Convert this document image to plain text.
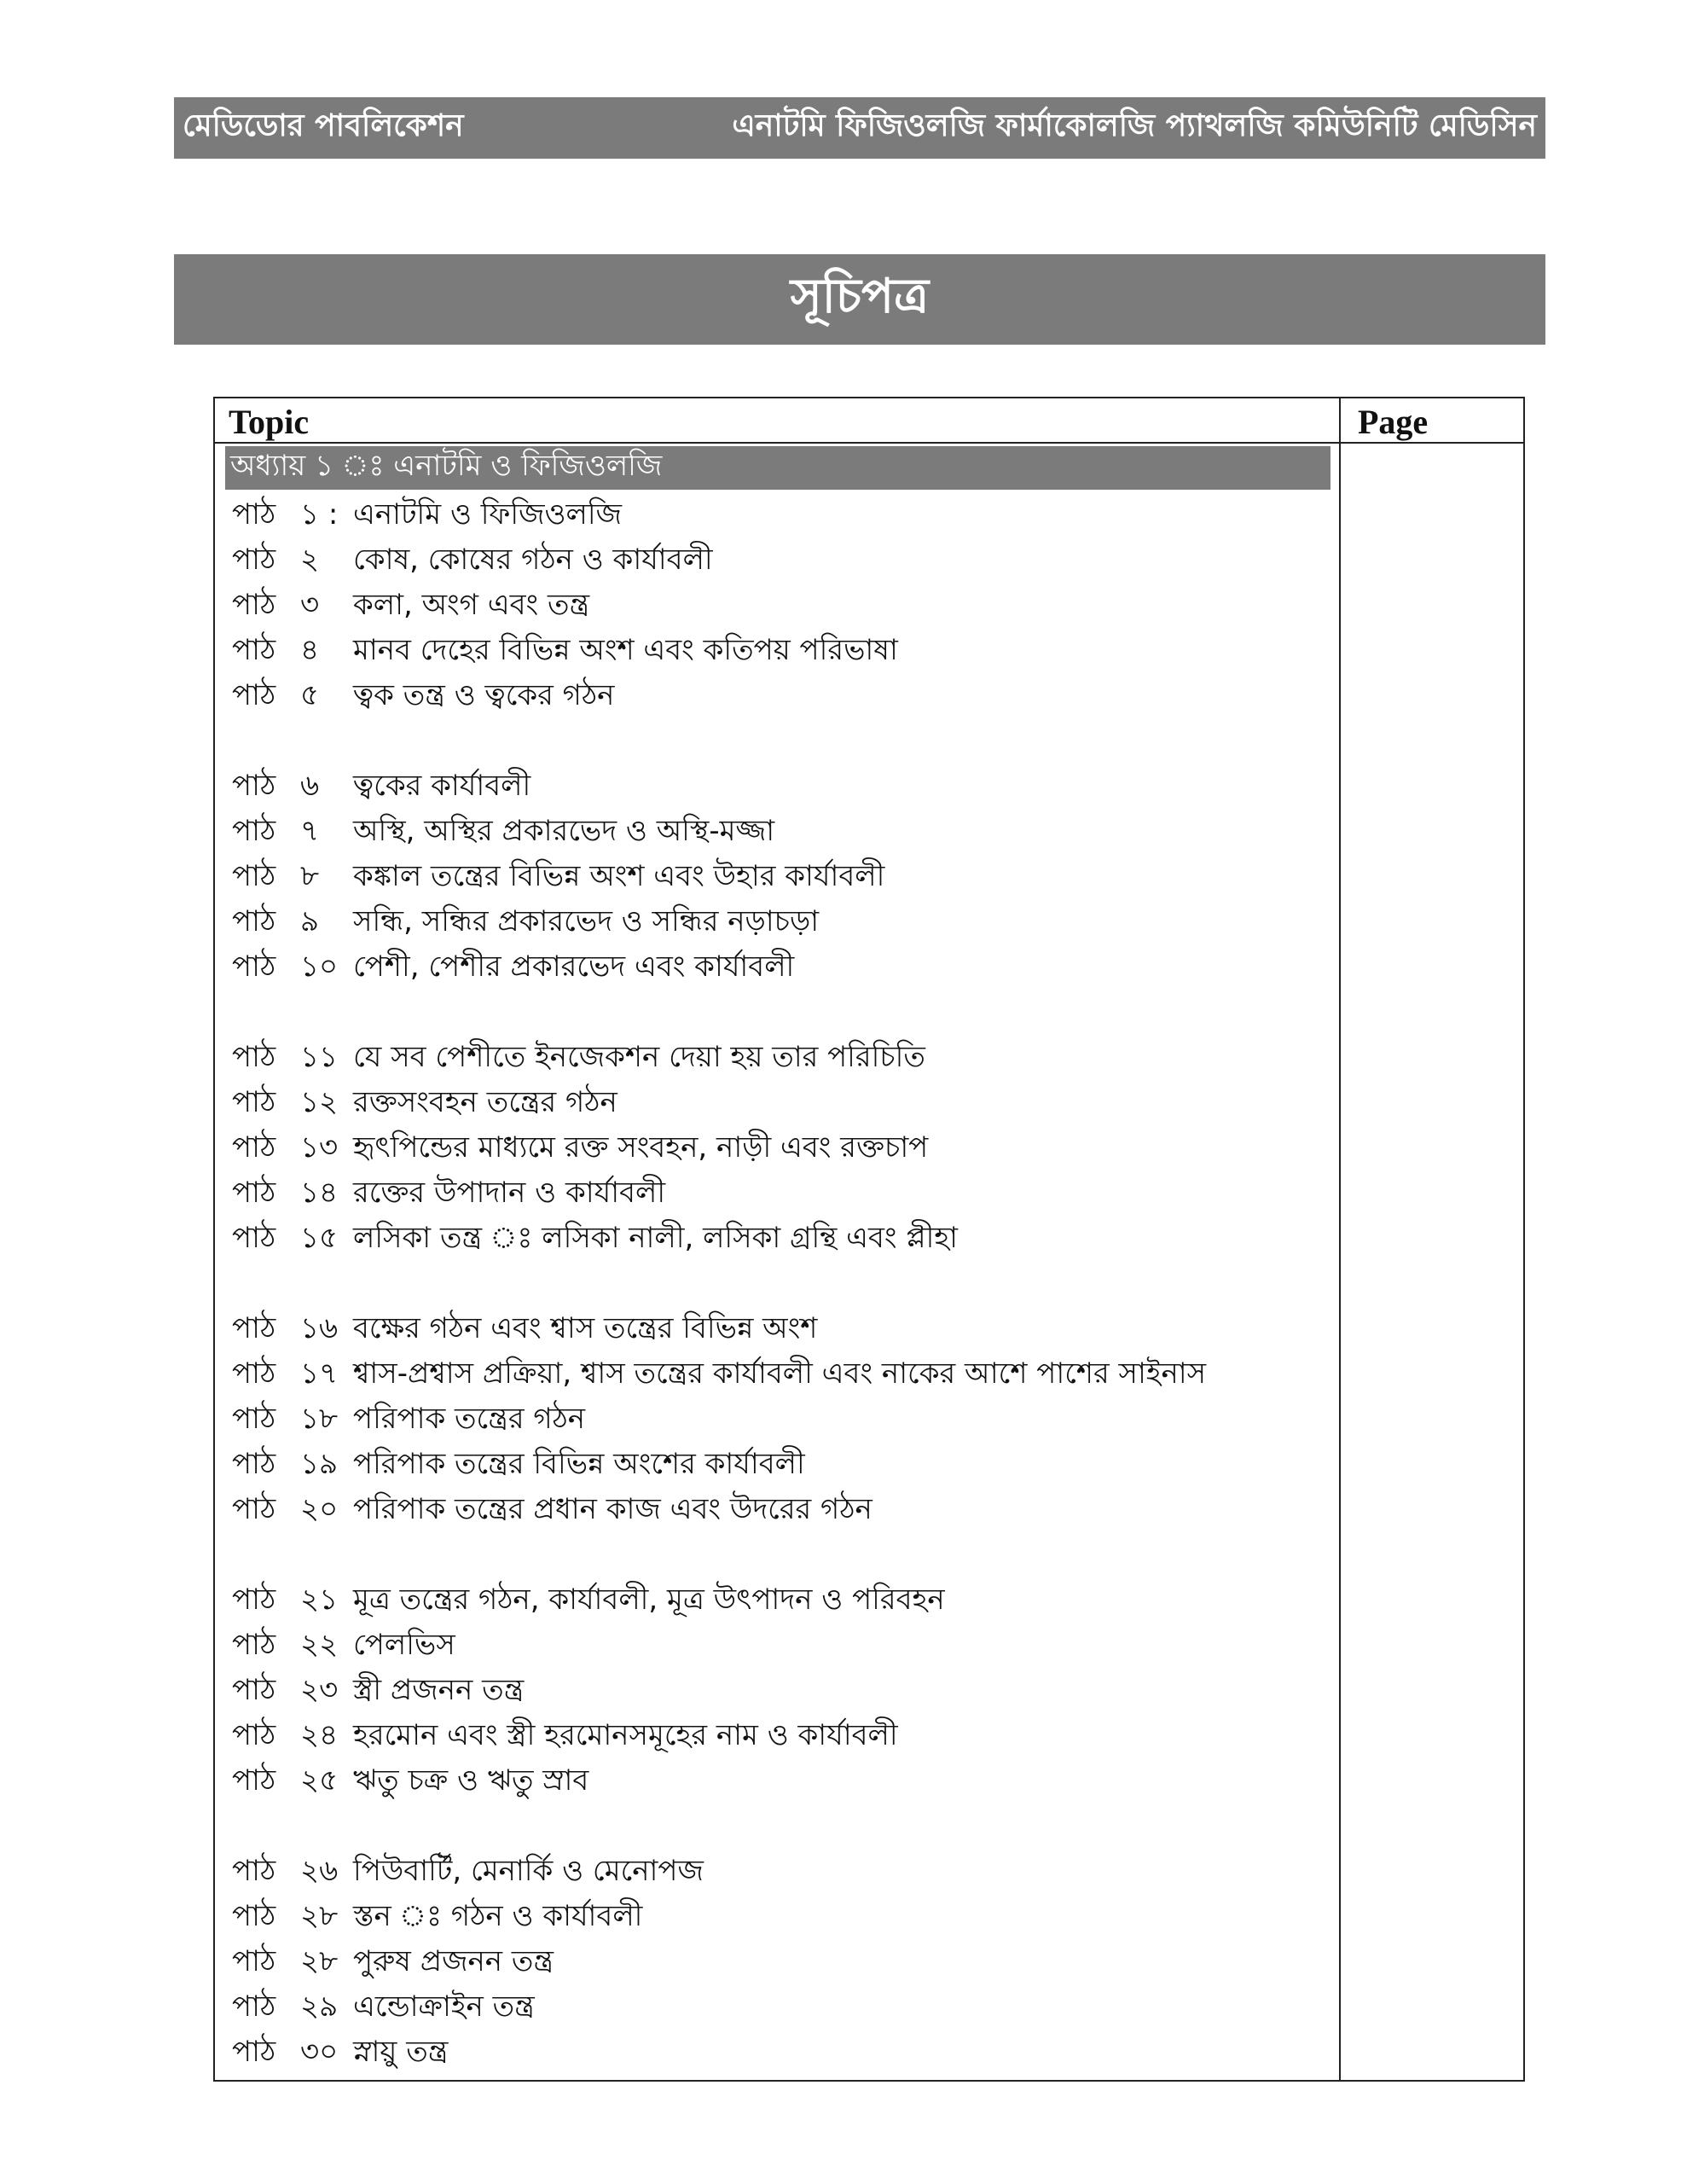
মেডিডোর পাবলিকেশন	এনাটমি ফিজিওলজি ফার্মাকোলজি প্যাথলজি কমিউনিটি মেডিসিন
সূচিপত্র
Topic	Page
অধ্যায় ১ ঃ এনাটমি ও ফিজিওলজি
পাঠ ১ : এনাটমি ও ফিজিওলজি
পাঠ ২	কোষ, কোষের গঠন ও কার্যাবলী
পাঠ ৩	কলা, অংগ এবং তন্ত্র
পাঠ ৪	মানব দেহের বিভিন্ন অংশ এবং কতিপয় পরিভাষা
পাঠ ৫	ত্বক তন্ত্র ও ত্বকের গঠন
পাঠ ৬	ত্বকের কার্যাবলী
পাঠ ৭	অস্থি, অস্থির প্রকারভেদ ও অস্থি-মজ্জা
পাঠ ৮	কঙ্কাল তন্ত্রের বিভিন্ন অংশ এবং উহার কার্যাবলী
পাঠ ৯	সন্ধি, সন্ধির প্রকারভেদ ও সন্ধির নড়াচড়া
পাঠ ১০ পেশী, পেশীর প্রকারভেদ এবং কার্যাবলী
পাঠ ১১ যে সব পেশীতে ইনজেকশন দেয়া হয় তার পরিচিতি
পাঠ ১২ রক্তসংবহন তন্ত্রের গঠন
পাঠ ১৩ হৃৎপিন্ডের মাধ্যমে রক্ত সংবহন, নাড়ী এবং রক্তচাপ
পাঠ ১৪ রক্তের উপাদান ও কার্যাবলী
পাঠ ১৫ লসিকা তন্ত্র ঃ লসিকা নালী, লসিকা গ্রন্থি এবং প্লীহা
পাঠ ১৬ বক্ষের গঠন এবং শ্বাস তন্ত্রের বিভিন্ন অংশ
পাঠ ১৭ শ্বাস-প্রশ্বাস প্রক্রিয়া, শ্বাস তন্ত্রের কার্যাবলী এবং নাকের আশে পাশের সাইনাস
পাঠ ১৮ পরিপাক তন্ত্রের গঠন
পাঠ ১৯ পরিপাক তন্ত্রের বিভিন্ন অংশের কার্যাবলী
পাঠ ২০ পরিপাক তন্ত্রের প্রধান কাজ এবং উদরের গঠন
পাঠ ২১ মূত্র তন্ত্রের গঠন, কার্যাবলী, মূত্র উৎপাদন ও পরিবহন
পাঠ ২২ পেলভিস
পাঠ ২৩ স্ত্রী প্রজনন তন্ত্র
পাঠ ২৪ হরমোন এবং স্ত্রী হরমোনসমূহের নাম ও কার্যাবলী
পাঠ ২৫ ঋতু চক্র ও ঋতু স্রাব
পাঠ ২৬ পিউবার্টি, মেনার্কি ও মেনোপজ
পাঠ ২৮ স্তন ঃ গঠন ও কার্যাবলী
পাঠ ২৮ পুরুষ প্রজনন তন্ত্র
পাঠ ২৯ এন্ডোক্রাইন তন্ত্র
পাঠ ৩০ স্নায়ু তন্ত্র
